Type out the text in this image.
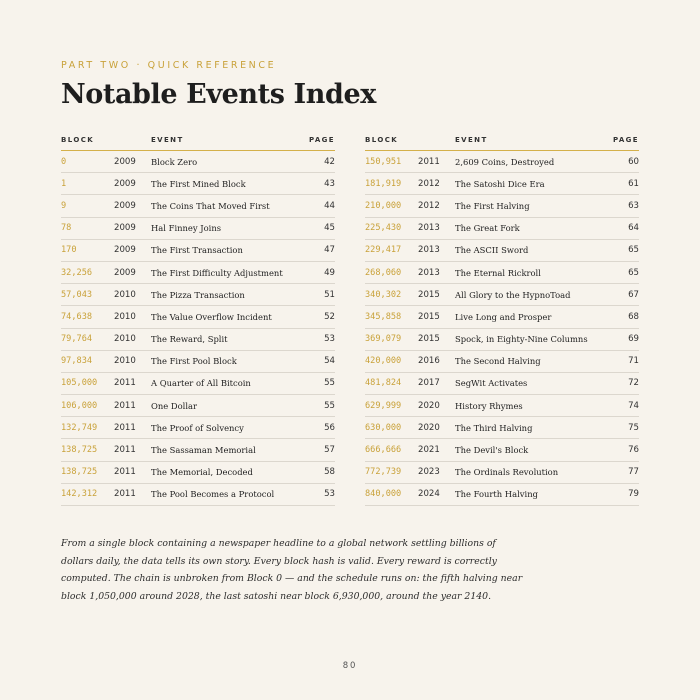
PART TWO · QUICK REFERENCE

Notable Events Index
BLOCK		EVENT	PAGE
0	2009	Block Zero	42
1	2009	The First Mined Block	43
9	2009	The Coins That Moved First	44
78	2009	Hal Finney Joins	45
170	2009	The First Transaction	47
32,256	2009	The First Difficulty Adjustment	49
57,043	2010	The Pizza Transaction	51
74,638	2010	The Value Overflow Incident	52
79,764	2010	The Reward, Split	53
97,834	2010	The First Pool Block	54
105,000	2011	A Quarter of All Bitcoin	55
106,000	2011	One Dollar	55
132,749	2011	The Proof of Solvency	56
138,725	2011	The Sassaman Memorial	57
138,725	2011	The Memorial, Decoded	58
142,312	2011	The Pool Becomes a Protocol	53
BLOCK		EVENT	PAGE
150,951	2011	2,609 Coins, Destroyed	60
181,919	2012	The Satoshi Dice Era	61
210,000	2012	The First Halving	63
225,430	2013	The Great Fork	64
229,417	2013	The ASCII Sword	65
268,060	2013	The Eternal Rickroll	65
340,302	2015	All Glory to the HypnoToad	67
345,858	2015	Live Long and Prosper	68
369,079	2015	Spock, in Eighty-Nine Columns	69
420,000	2016	The Second Halving	71
481,824	2017	SegWit Activates	72
629,999	2020	History Rhymes	74
630,000	2020	The Third Halving	75
666,666	2021	The Devil's Block	76
772,739	2023	The Ordinals Revolution	77
840,000	2024	The Fourth Halving	79

From a single block containing a newspaper headline to a global network settling billions of dollars daily, the data tells its own story. Every block hash is valid. Every reward is correctly computed. The chain is unbroken from Block 0 — and the schedule runs on: the fifth halving near block 1,050,000 around 2028, the last satoshi near block 6,930,000, around the year 2140.

80
